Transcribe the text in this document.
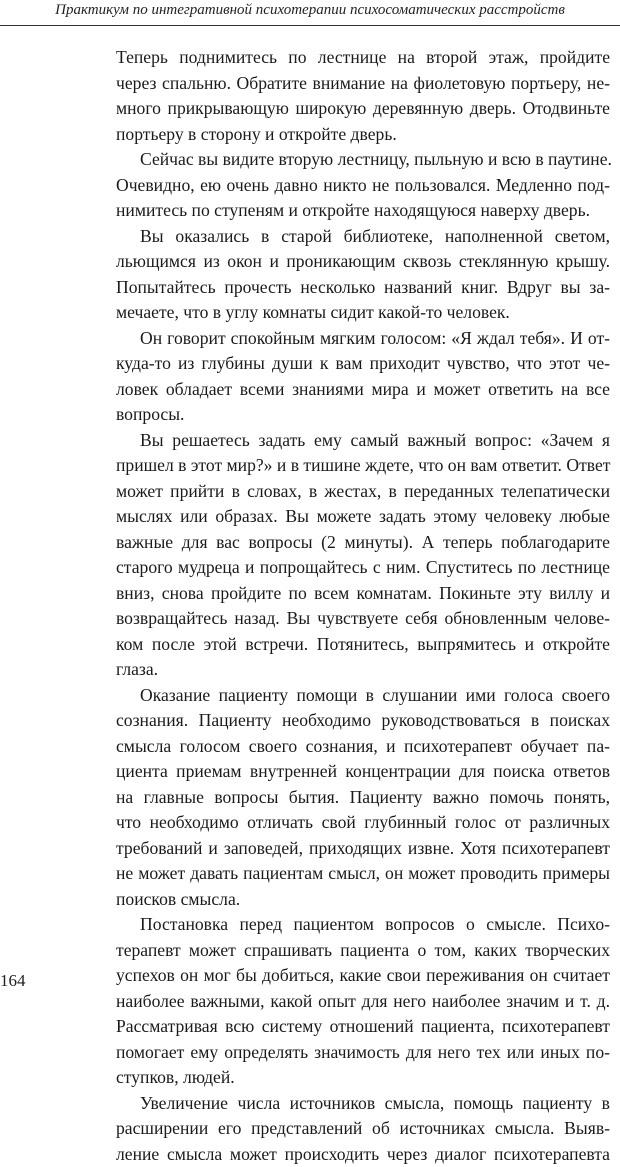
Практикум по интегративной психотерапии психосоматических расстройств
Теперь поднимитесь по лестнице на второй этаж, пройдите
через спальню. Обратите внимание на фиолетовую портьеру, не-
много прикрывающую широкую деревянную дверь. Отодвиньте
портьеру в сторону и откройте дверь.
Сейчас вы видите вторую лестницу, пыльную и всю в паутине.
Очевидно, ею очень давно никто не пользовался. Медленно под-
нимитесь по ступеням и откройте находящуюся наверху дверь.
Вы оказались в старой библиотеке, наполненной светом,
льющимся из окон и проникающим сквозь стеклянную крышу.
Попытайтесь прочесть несколько названий книг. Вдруг вы за-
мечаете, что в углу комнаты сидит какой-то человек.
Он говорит спокойным мягким голосом: «Я ждал тебя». И от-
куда-то из глубины души к вам приходит чувство, что этот че-
ловек обладает всеми знаниями мира и может ответить на все
вопросы.
Вы решаетесь задать ему самый важный вопрос: «Зачем я
пришел в этот мир?» и в тишине ждете, что он вам ответит. Ответ
может прийти в словах, в жестах, в переданных телепатически
мыслях или образах. Вы можете задать этому человеку любые
важные для вас вопросы (2 минуты). А теперь поблагодарите
старого мудреца и попрощайтесь с ним. Спуститесь по лестнице
вниз, снова пройдите по всем комнатам. Покиньте эту виллу и
возвращайтесь назад. Вы чувствуете себя обновленным челове-
ком после этой встречи. Потянитесь, выпрямитесь и откройте
глаза.
Оказание пациенту помощи в слушании ими голоса своего
сознания. Пациенту необходимо руководствоваться в поисках
смысла голосом своего сознания, и психотерапевт обучает па-
циента приемам внутренней концентрации для поиска ответов
на главные вопросы бытия. Пациенту важно помочь понять,
что необходимо отличать свой глубинный голос от различных
требований и заповедей, приходящих извне. Хотя психотерапевт
не может давать пациентам смысл, он может проводить примеры
поисков смысла.
Постановка перед пациентом вопросов о смысле. Психо-
терапевт может спрашивать пациента о том, каких творческих
успехов он мог бы добиться, какие свои переживания он считает
наиболее важными, какой опыт для него наиболее значим и т. д.
Рассматривая всю систему отношений пациента, психотерапевт
помогает ему определять значимость для него тех или иных по-
ступков, людей.
Увеличение числа источников смысла, помощь пациенту в
расширении его представлений об источниках смысла. Выяв-
ление смысла может происходить через диалог психотерапевта
164
